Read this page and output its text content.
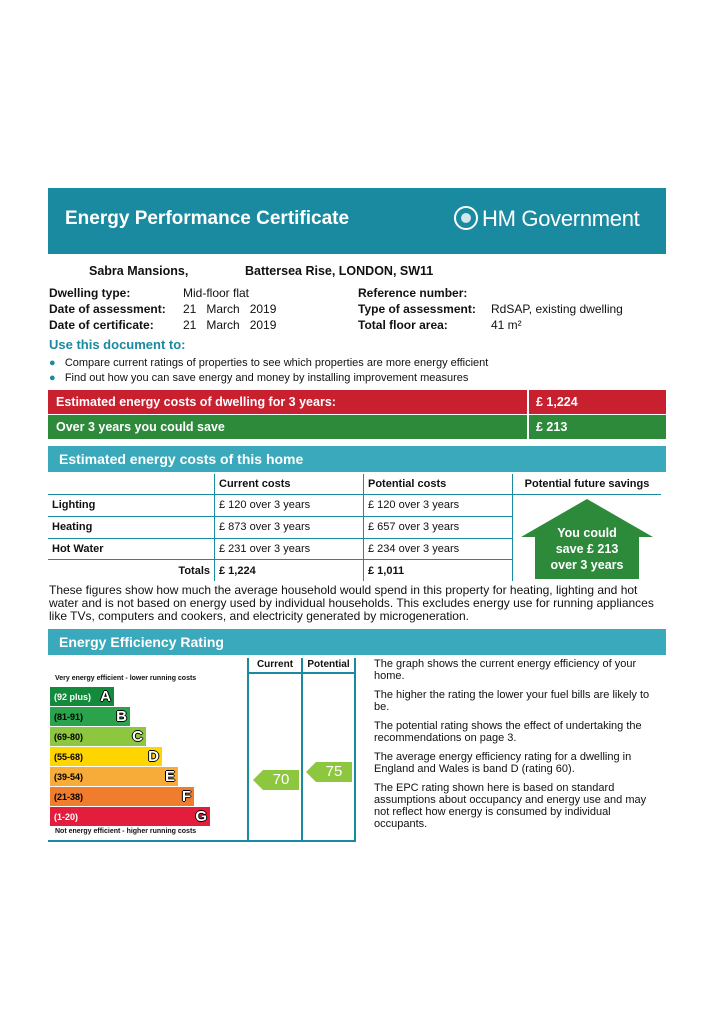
Energy Performance Certificate	HM Government
Sabra Mansions,	Battersea Rise, LONDON, SW11
Dwelling type:	Mid-floor flat
Date of assessment: 21   March   2019
Date of certificate: 21   March   2019
Reference number:
Type of assessment: RdSAP, existing dwelling
Total floor area:	41 m²
Use this document to:
● Compare current ratings of properties to see which properties are more energy efficient
● Find out how you can save energy and money by installing improvement measures
Estimated energy costs of dwelling for 3 years:	£ 1,224
Over 3 years you could save	£ 213
Estimated energy costs of this home
	Current costs	Potential costs	Potential future savings
Lighting	£ 120 over 3 years	£ 120 over 3 years	You could
save £ 213
over 3 years

Heating	£ 873 over 3 years	£ 657 over 3 years	
Hot Water	£ 231 over 3 years	£ 234 over 3 years	
Totals	£ 1,224	£ 1,011	
These figures show how much the average household would spend in this property for heating, lighting and hot water and is not based on energy used by individual households. This excludes energy use for running appliances like TVs, computers and cookers, and electricity generated by microgeneration.
Energy Efficiency Rating
Current	Potential
Very energy efficient - lower running costs
Not energy efficient - higher running costs
(92 plus) A
(81-91) B
(69-80)	C
(55-68)	D
(39-54)	E
(21-38)	F
(1-20)	G
70	75
The graph shows the current energy efficiency of your home.
The higher the rating the lower your fuel bills are likely to be.
The potential rating shows the effect of undertaking the recommendations on page 3.
The average energy efficiency rating for a dwelling in England and Wales is band D (rating 60).
The EPC rating shown here is based on standard assumptions about occupancy and energy use and may not reflect how energy is consumed by individual occupants.
